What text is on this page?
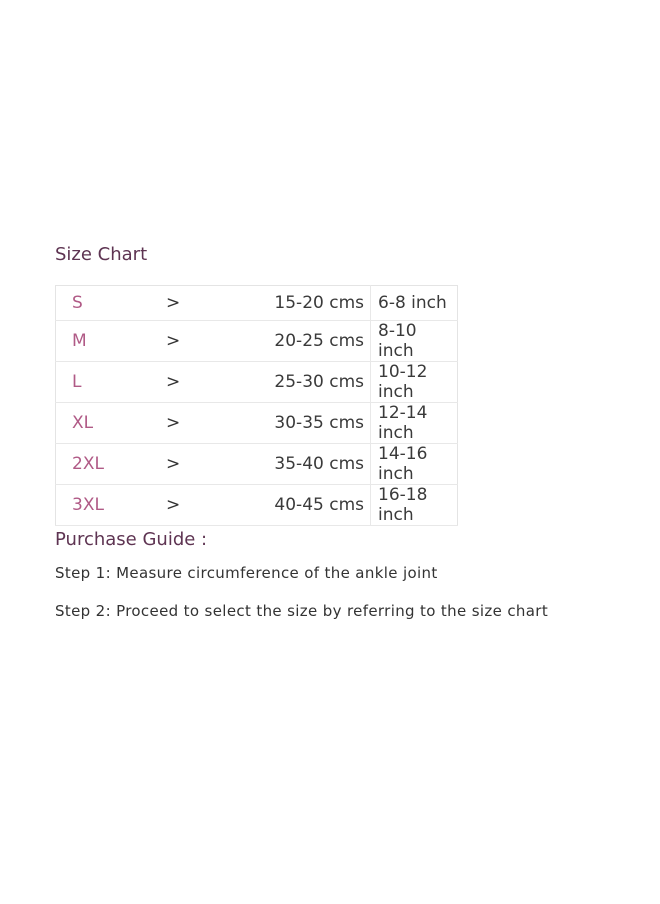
Size Chart
S	>	15-20 cms	6-8 inch
M	>	20-25 cms	8-10 inch
L	>	25-30 cms	10-12 inch
XL	>	30-35 cms	12-14 inch
2XL	>	35-40 cms	14-16 inch
3XL	>	40-45 cms	16-18 inch
Purchase Guide :
Step 1: Measure circumference of the ankle joint
Step 2: Proceed to select the size by referring to the size chart
